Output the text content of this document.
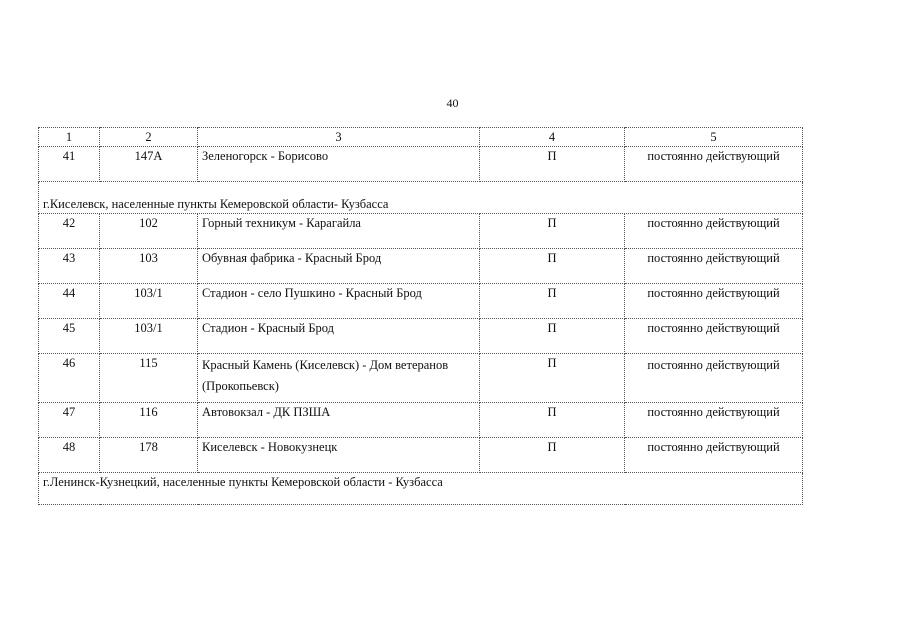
40
1	2	3	4	5
41	147А	Зеленогорск - Борисово	П	постоянно действующий
г.Киселевск, населенные пункты Кемеровской области- Кузбасса				
42	102	Горный техникум - Карагайла	П	постоянно действующий
43	103	Обувная фабрика - Красный Брод	П	постоянно действующий
44	103/1	Стадион - село Пушкино - Красный Брод	П	постоянно действующий
45	103/1	Стадион - Красный Брод	П	постоянно действующий
46	115	Красный Камень (Киселевск) - Дом ветеранов (Прокопьевск)	П	постоянно действующий
47	116	Автовокзал - ДК ПЗША	П	постоянно действующий
48	178	Киселевск - Новокузнецк	П	постоянно действующий
г.Ленинск-Кузнецкий, населенные пункты Кемеровской области - Кузбасса				
